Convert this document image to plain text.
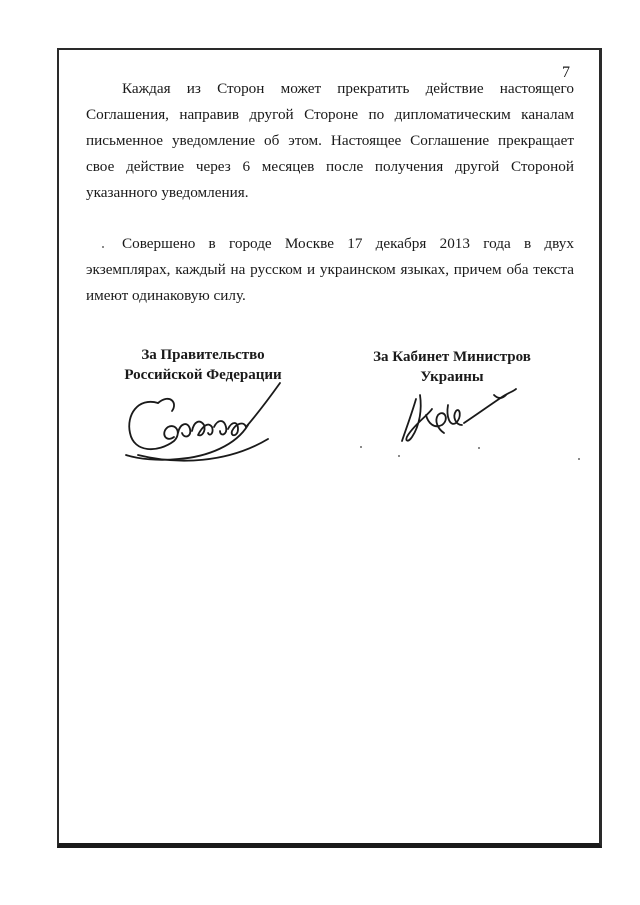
7

Каждая из Сторон может прекратить действие настоящего Соглашения, направив другой Стороне по дипломатическим каналам письменное уведомление об этом. Настоящее Соглашение прекращает свое действие через 6 месяцев после получения другой Стороной указанного уведомления.

Совершено в городе Москве 17 декабря 2013 года в двух экземплярах, каждый на русском и украинском языках, причем оба текста имеют одинаковую силу.

За Правительство
Российской Федерации
За Кабинет Министров
Украины
